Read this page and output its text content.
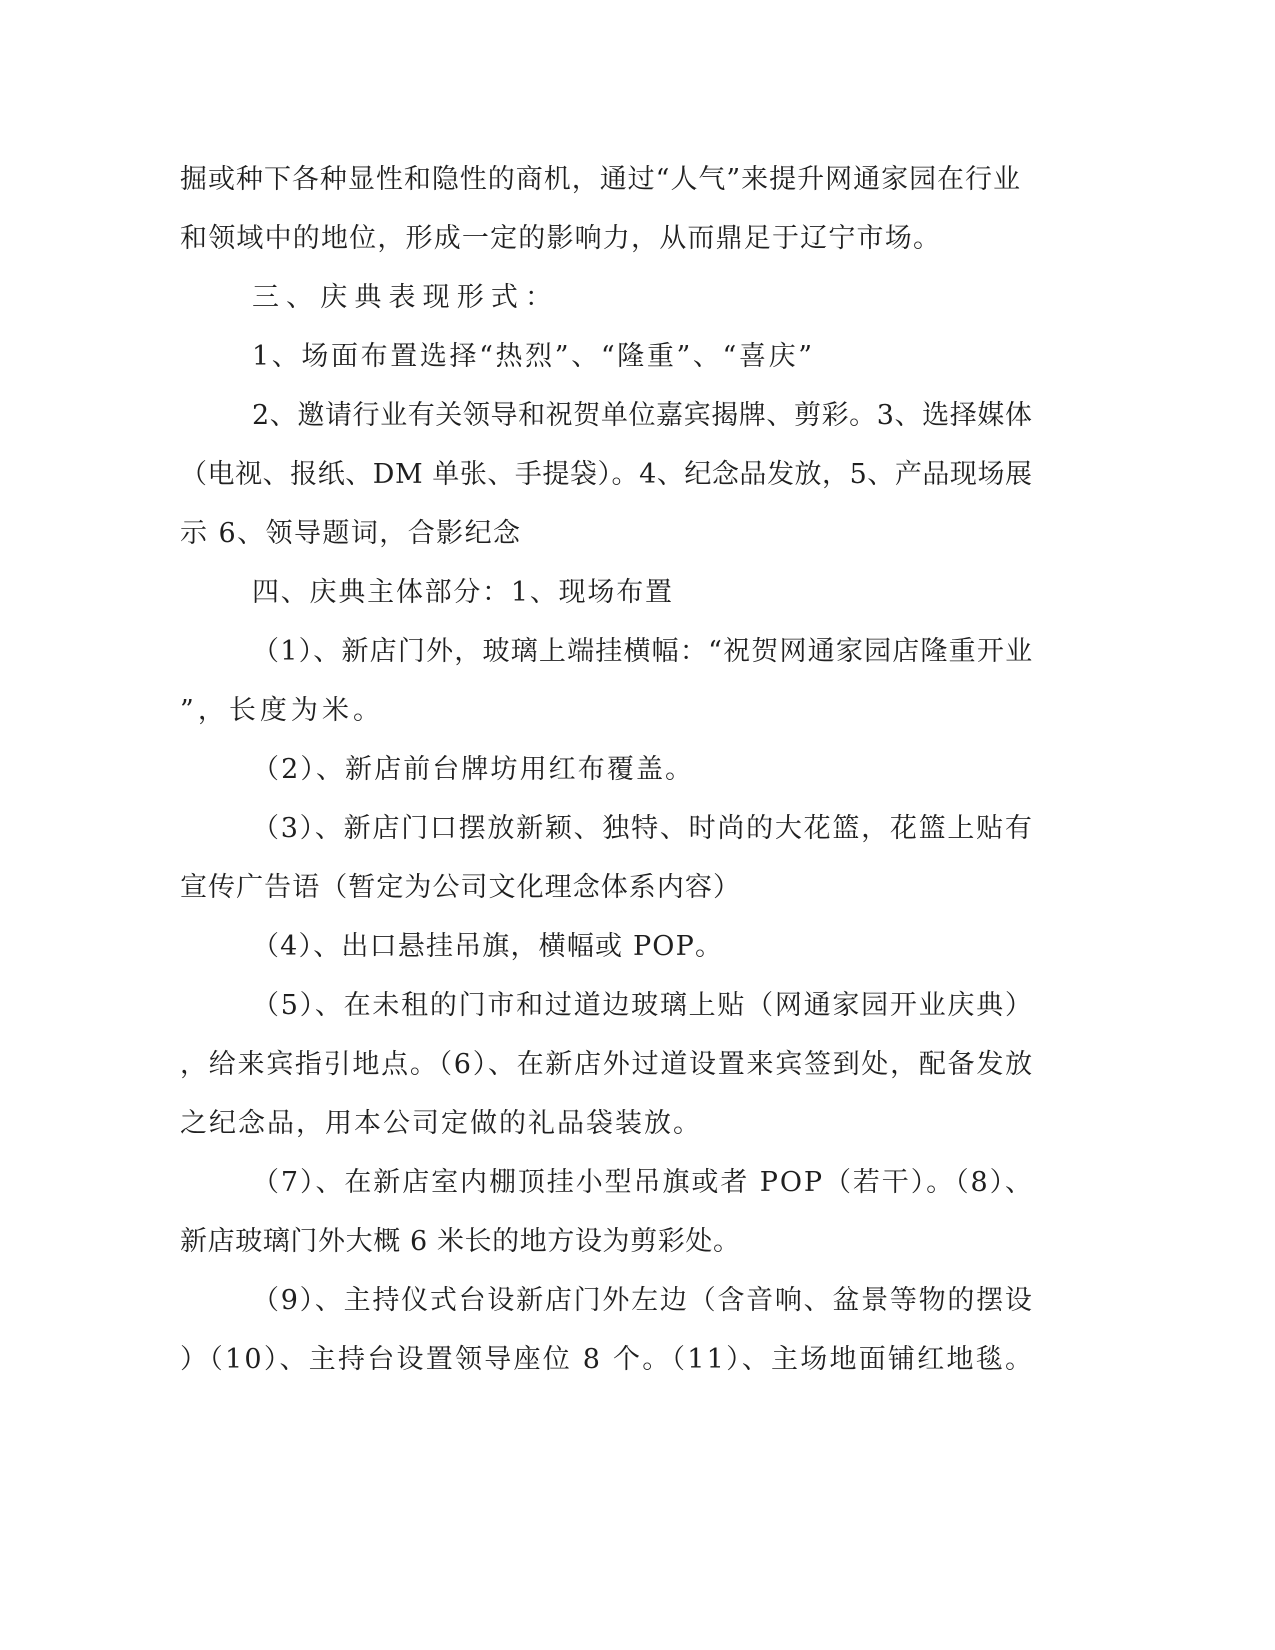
掘或种下各种显性和隐性的商机，通过“人气”来提升网通家园在行业

和领域中的地位，形成一定的影响力，从而鼎足于辽宁市场。

三、庆典表现形式：

1、场面布置选择“热烈”、“隆重”、“喜庆”

2、邀请行业有关领导和祝贺单位嘉宾揭牌、剪彩。3、选择媒体

（电视、报纸、DM 单张、手提袋）。4、纪念品发放，5、产品现场展

示 6、领导题词，合影纪念

四、庆典主体部分：1、现场布置

（1）、新店门外，玻璃上端挂横幅：“祝贺网通家园店隆重开业

”，长度为米。

（2）、新店前台牌坊用红布覆盖。

（3）、新店门口摆放新颖、独特、时尚的大花篮，花篮上贴有

宣传广告语（暂定为公司文化理念体系内容）

（4）、出口悬挂吊旗，横幅或 POP。

（5）、在未租的门市和过道边玻璃上贴（网通家园开业庆典）

，给来宾指引地点。（6）、在新店外过道设置来宾签到处，配备发放

之纪念品，用本公司定做的礼品袋装放。

（7）、在新店室内棚顶挂小型吊旗或者 POP（若干）。（8）、

新店玻璃门外大概 6 米长的地方设为剪彩处。

（9）、主持仪式台设新店门外左边（含音响、盆景等物的摆设

）（10）、主持台设置领导座位 8 个。（11）、主场地面铺红地毯。
